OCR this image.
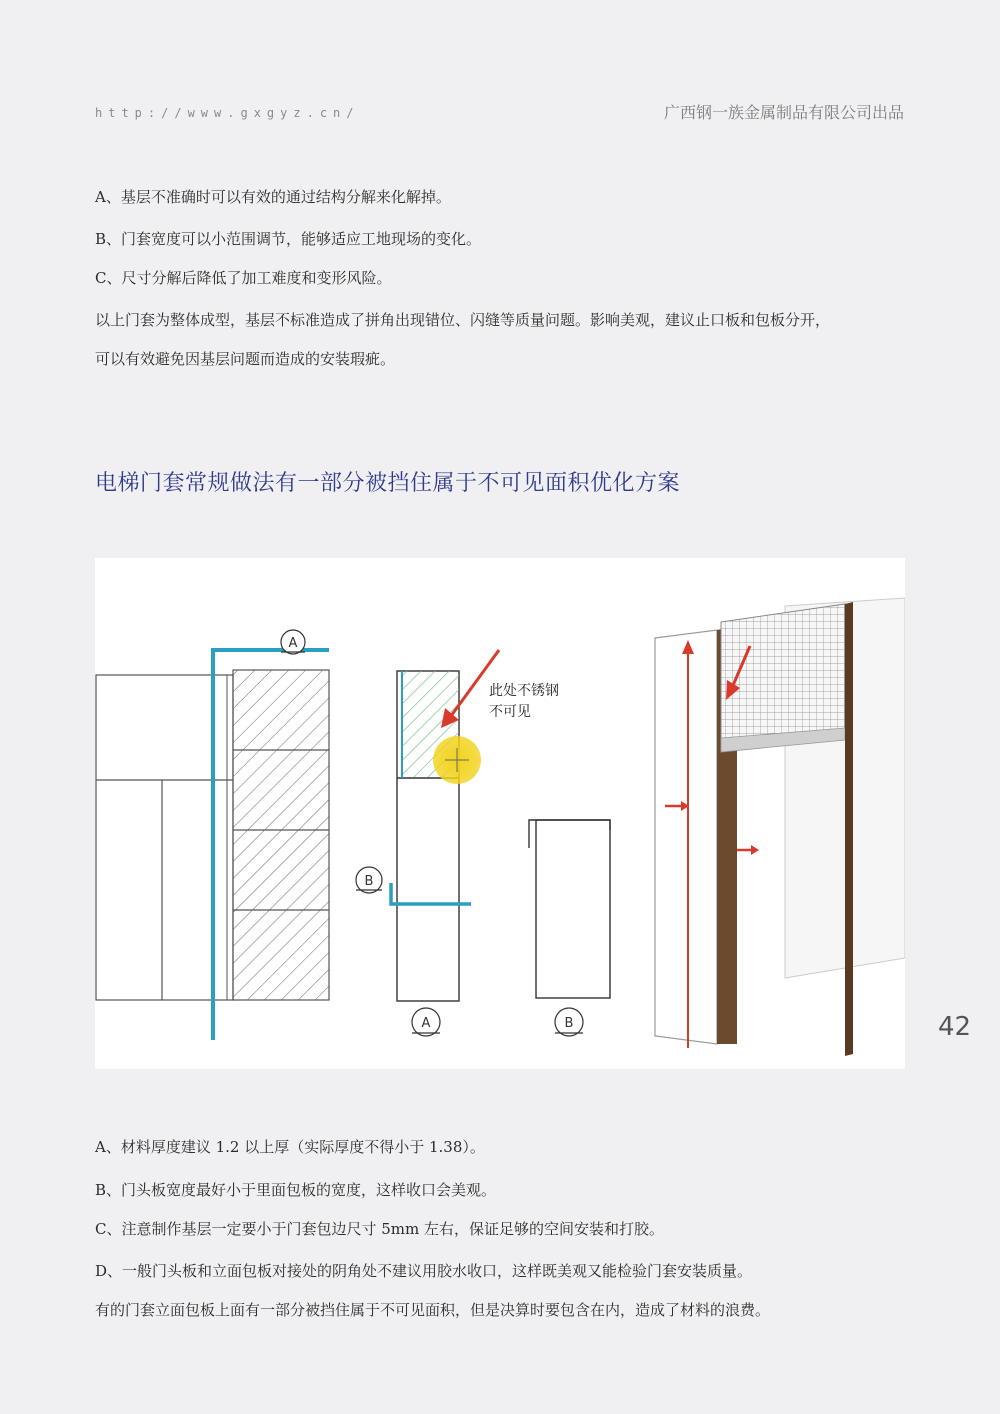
http://www.gxgyz.cn/	广西钢一族金属制品有限公司出品
A、基层不准确时可以有效的通过结构分解来化解掉。
B、门套宽度可以小范围调节，能够适应工地现场的变化。
C、尺寸分解后降低了加工难度和变形风险。
以上门套为整体成型，基层不标准造成了拼角出现错位、闪缝等质量问题。影响美观，建议止口板和包板分开，
可以有效避免因基层问题而造成的安装瑕疵。
电梯门套常规做法有一部分被挡住属于不可见面积优化方案
A
此处不锈钢
不可见
B
A	B
A、材料厚度建议 1.2 以上厚（实际厚度不得小于 1.38）。
B、门头板宽度最好小于里面包板的宽度，这样收口会美观。
C、注意制作基层一定要小于门套包边尺寸 5mm 左右，保证足够的空间安装和打胶。
D、一般门头板和立面包板对接处的阴角处不建议用胶水收口，这样既美观又能检验门套安装质量。
有的门套立面包板上面有一部分被挡住属于不可见面积，但是决算时要包含在内，造成了材料的浪费。
42
